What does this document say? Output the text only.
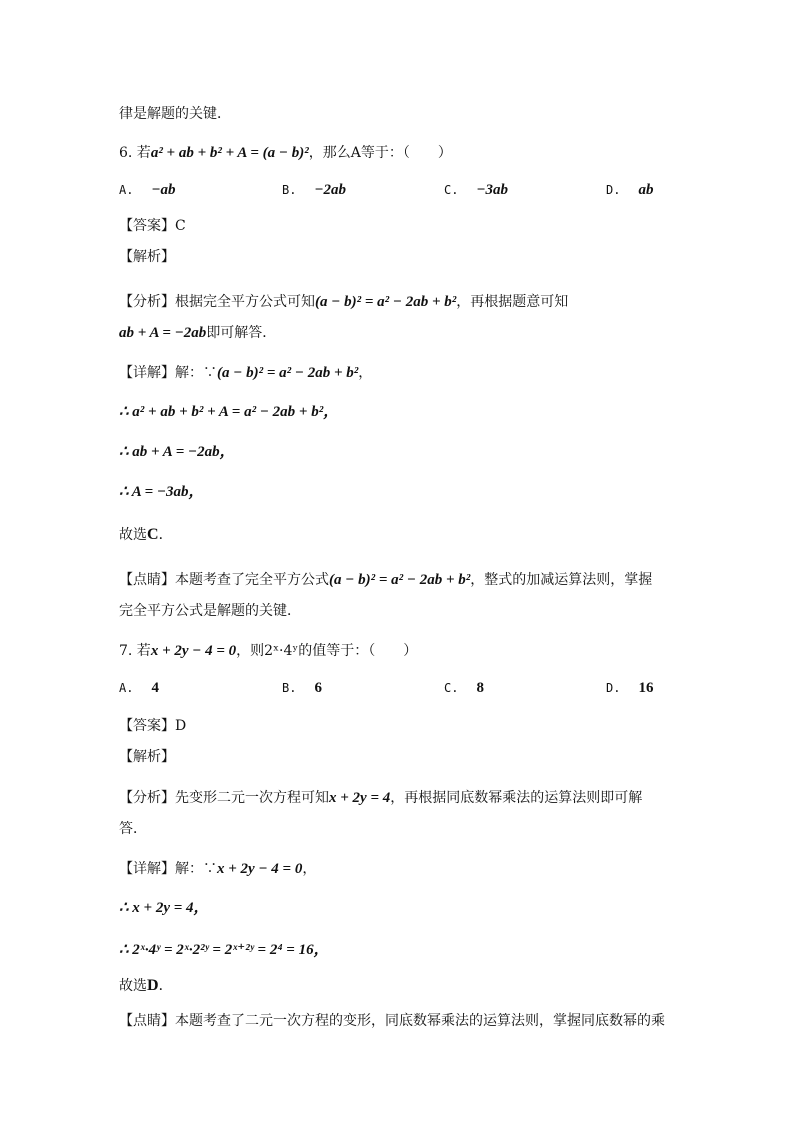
律是解题的关键．
6. 若a² + ab + b² + A = (a − b)²，那么A等于：（　　）
A. −ab	B. −2ab	C. −3ab	D. ab
【答案】C
【解析】
【分析】根据完全平方公式可知(a − b)² = a² − 2ab + b²，再根据题意可知
ab + A = −2ab即可解答．
【详解】解：∵(a − b)² = a² − 2ab + b²，
∴ a² + ab + b² + A = a² − 2ab + b²，
∴ ab + A = −2ab，
∴ A = −3ab，
故选C．
【点睛】本题考查了完全平方公式(a − b)² = a² − 2ab + b²，整式的加减运算法则，掌握
完全平方公式是解题的关键．
7. 若x + 2y − 4 = 0，则2ˣ·4ʸ的值等于：（　　）
A. 4	B. 6	C. 8	D. 16
【答案】D
【解析】
【分析】先变形二元一次方程可知x + 2y = 4，再根据同底数幂乘法的运算法则即可解
答．
【详解】解：∵x + 2y − 4 = 0，
∴ x + 2y = 4，
∴ 2ˣ·4ʸ = 2ˣ·2²ʸ = 2ˣ⁺²ʸ = 2⁴ = 16，
故选D．
【点睛】本题考查了二元一次方程的变形，同底数幂乘法的运算法则，掌握同底数幂的乘
